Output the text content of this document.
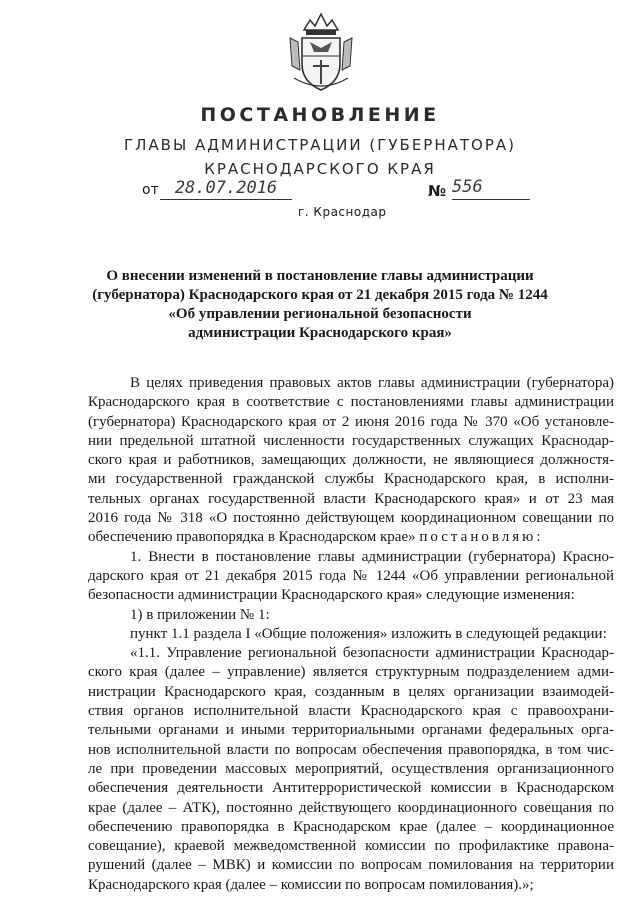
ПОСТАНОВЛЕНИЕ
ГЛАВЫ АДМИНИСТРАЦИИ (ГУБЕРНАТОРА)
КРАСНОДАРСКОГО КРАЯ
от 28.07.2016	№ 556
г. Краснодар
О внесении изменений в постановление главы администрации
(губернатора) Краснодарского края от 21 декабря 2015 года № 1244
«Об управлении региональной безопасности
администрации Краснодарского края»
В целях приведения правовых актов главы администрации (губернатора)
Краснодарского края в соответствие с постановлениями главы администрации
(губернатора) Краснодарского края от 2 июня 2016 года № 370 «Об установле-
нии предельной штатной численности государственных служащих Краснодар-
ского края и работников, замещающих должности, не являющиеся должностя-
ми государственной гражданской службы Краснодарского края, в исполни-
тельных органах государственной власти Краснодарского края» и от 23 мая
2016 года № 318 «О постоянно действующем координационном совещании по
обеспечению правопорядка в Краснодарском крае» постановляю:
1. Внести в постановление главы администрации (губернатора) Красно-
дарского края от 21 декабря 2015 года № 1244 «Об управлении региональной
безопасности администрации Краснодарского края» следующие изменения:
1) в приложении № 1:
пункт 1.1 раздела I «Общие положения» изложить в следующей редакции:
«1.1. Управление региональной безопасности администрации Краснодар-
ского края (далее – управление) является структурным подразделением адми-
нистрации Краснодарского края, созданным в целях организации взаимодей-
ствия органов исполнительной власти Краснодарского края с правоохрани-
тельными органами и иными территориальными органами федеральных орга-
нов исполнительной власти по вопросам обеспечения правопорядка, в том чис-
ле при проведении массовых мероприятий, осуществления организационного
обеспечения деятельности Антитеррористической комиссии в Краснодарском
крае (далее – АТК), постоянно действующего координационного совещания по
обеспечению правопорядка в Краснодарском крае (далее – координационное
совещание), краевой межведомственной комиссии по профилактике правона-
рушений (далее – МВК) и комиссии по вопросам помилования на территории
Краснодарского края (далее – комиссии по вопросам помилования).»;
